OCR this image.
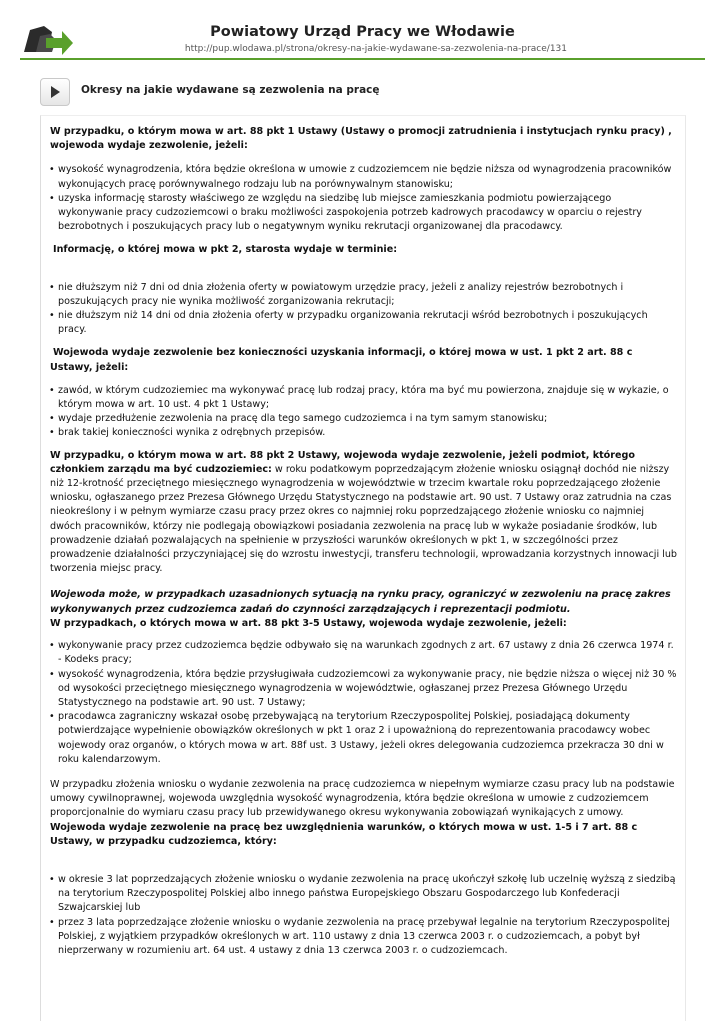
Powiatowy Urząd Pracy we Włodawie
http://pup.wlodawa.pl/strona/okresy-na-jakie-wydawane-sa-zezwolenia-na-prace/131
Okresy na jakie wydawane są zezwolenia na pracę

W przypadku, o którym mowa w art. 88 pkt 1 Ustawy (Ustawy o promocji zatrudnienia i instytucjach rynku pracy) , wojewoda wydaje zezwolenie, jeżeli:

• wysokość wynagrodzenia, która będzie określona w umowie z cudzoziemcem nie będzie niższa od wynagrodzenia pracowników wykonujących pracę porównywalnego rodzaju lub na porównywalnym stanowisku;
• uzyska informację starosty właściwego ze względu na siedzibę lub miejsce zamieszkania podmiotu powierzającego wykonywanie pracy cudzoziemcowi o braku możliwości zaspokojenia potrzeb kadrowych pracodawcy w oparciu o rejestry bezrobotnych i poszukujących pracy lub o negatywnym wyniku rekrutacji organizowanej dla pracodawcy.

Informację, o której mowa w pkt 2, starosta wydaje w terminie:

• nie dłuższym niż 7 dni od dnia złożenia oferty w powiatowym urzędzie pracy, jeżeli z analizy rejestrów bezrobotnych i poszukujących pracy nie wynika możliwość zorganizowania rekrutacji;
• nie dłuższym niż 14 dni od dnia złożenia oferty w przypadku organizowania rekrutacji wśród bezrobotnych i poszukujących pracy.

Wojewoda wydaje zezwolenie bez konieczności uzyskania informacji, o której mowa w ust. 1 pkt 2 art. 88 c Ustawy, jeżeli:

• zawód, w którym cudzoziemiec ma wykonywać pracę lub rodzaj pracy, która ma być mu powierzona, znajduje się w wykazie, o którym mowa w art. 10 ust. 4 pkt 1 Ustawy;
• wydaje przedłużenie zezwolenia na pracę dla tego samego cudzoziemca i na tym samym stanowisku;
• brak takiej konieczności wynika z odrębnych przepisów.

W przypadku, o którym mowa w art. 88 pkt 2 Ustawy, wojewoda wydaje zezwolenie, jeżeli podmiot, którego członkiem zarządu ma być cudzoziemiec: w roku podatkowym poprzedzającym złożenie wniosku osiągnął dochód nie niższy niż 12-krotność przeciętnego miesięcznego wynagrodzenia w województwie w trzecim kwartale roku poprzedzającego złożenie wniosku, ogłaszanego przez Prezesa Głównego Urzędu Statystycznego na podstawie art. 90 ust. 7 Ustawy oraz zatrudnia na czas nieokreślony i w pełnym wymiarze czasu pracy przez okres co najmniej roku poprzedzającego złożenie wniosku co najmniej dwóch pracowników, którzy nie podlegają obowiązkowi posiadania zezwolenia na pracę lub w wykaże posiadanie środków, lub prowadzenie działań pozwalających na spełnienie w przyszłości warunków określonych w pkt 1, w szczególności przez prowadzenie działalności przyczyniającej się do wzrostu inwestycji, transferu technologii, wprowadzania korzystnych innowacji lub tworzenia miejsc pracy.

Wojewoda może, w przypadkach uzasadnionych sytuacją na rynku pracy, ograniczyć w zezwoleniu na pracę zakres wykonywanych przez cudzoziemca zadań do czynności zarządzających i reprezentacji podmiotu.

W przypadkach, o których mowa w art. 88 pkt 3-5 Ustawy, wojewoda wydaje zezwolenie, jeżeli:

• wykonywanie pracy przez cudzoziemca będzie odbywało się na warunkach zgodnych z art. 67 ustawy z dnia 26 czerwca 1974 r. - Kodeks pracy;
• wysokość wynagrodzenia, która będzie przysługiwała cudzoziemcowi za wykonywanie pracy, nie będzie niższa o więcej niż 30 % od wysokości przeciętnego miesięcznego wynagrodzenia w województwie, ogłaszanej przez Prezesa Głównego Urzędu Statystycznego na podstawie art. 90 ust. 7 Ustawy;
• pracodawca zagraniczny wskazał osobę przebywającą na terytorium Rzeczypospolitej Polskiej, posiadającą dokumenty potwierdzające wypełnienie obowiązków określonych w pkt 1 oraz 2 i upoważnioną do reprezentowania pracodawcy wobec wojewody oraz organów, o których mowa w art. 88f ust. 3 Ustawy, jeżeli okres delegowania cudzoziemca przekracza 30 dni w roku kalendarzowym.

W przypadku złożenia wniosku o wydanie zezwolenia na pracę cudzoziemca w niepełnym wymiarze czasu pracy lub na podstawie umowy cywilnoprawnej, wojewoda uwzględnia wysokość wynagrodzenia, która będzie określona w umowie z cudzoziemcem proporcjonalnie do wymiaru czasu pracy lub przewidywanego okresu wykonywania zobowiązań wynikających z umowy.

Wojewoda wydaje zezwolenie na pracę bez uwzględnienia warunków, o których mowa w ust. 1-5 i 7 art. 88 c Ustawy, w przypadku cudzoziemca, który:

• w okresie 3 lat poprzedzających złożenie wniosku o wydanie zezwolenia na pracę ukończył szkołę lub uczelnię wyższą z siedzibą na terytorium Rzeczypospolitej Polskiej albo innego państwa Europejskiego Obszaru Gospodarczego lub Konfederacji Szwajcarskiej lub
• przez 3 lata poprzedzające złożenie wniosku o wydanie zezwolenia na pracę przebywał legalnie na terytorium Rzeczypospolitej Polskiej, z wyjątkiem przypadków określonych w art. 110 ustawy z dnia 13 czerwca 2003 r. o cudzoziemcach, a pobyt był nieprzerwany w rozumieniu art. 64 ust. 4 ustawy z dnia 13 czerwca 2003 r. o cudzoziemcach.
